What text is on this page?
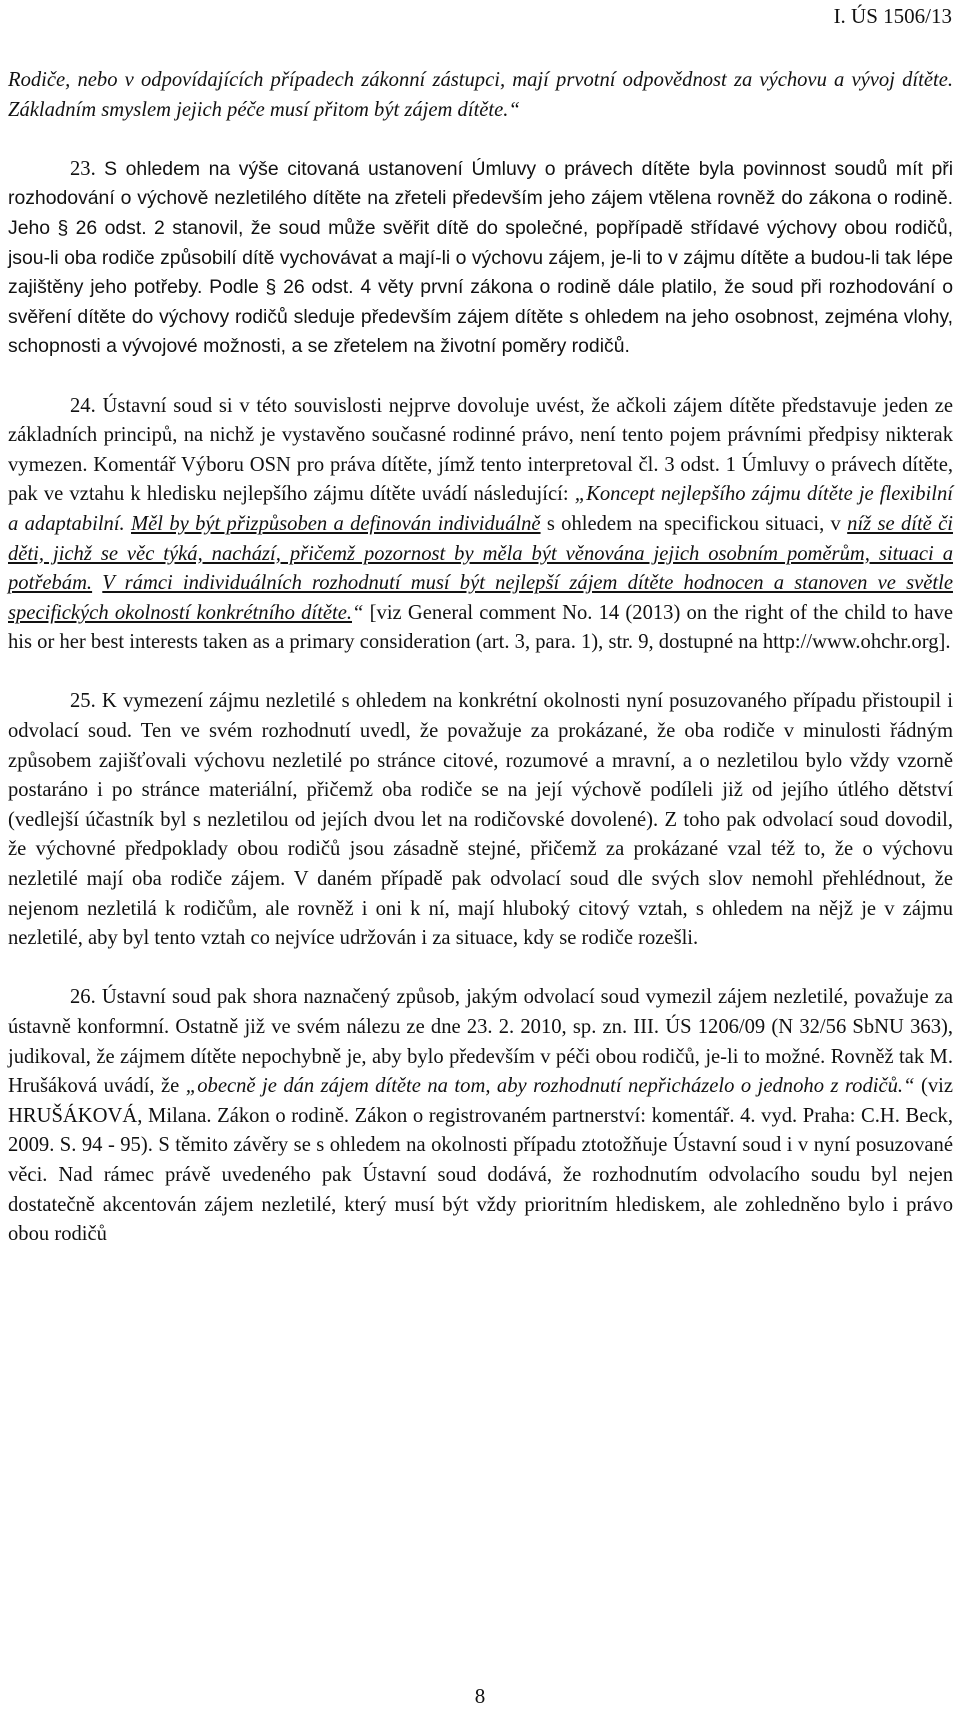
I. ÚS 1506/13

Rodiče, nebo v odpovídajících případech zákonní zástupci, mají prvotní odpovědnost za výchovu a vývoj dítěte. Základním smyslem jejich péče musí přitom být zájem dítěte.“

23. S ohledem na výše citovaná ustanovení Úmluvy o právech dítěte byla povinnost soudů mít při rozhodování o výchově nezletilého dítěte na zřeteli především jeho zájem vtělena rovněž do zákona o rodině. Jeho § 26 odst. 2 stanovil, že soud může svěřit dítě do společné, popřípadě střídavé výchovy obou rodičů, jsou-li oba rodiče způsobilí dítě vychovávat a mají-li o výchovu zájem, je-li to v zájmu dítěte a budou-li tak lépe zajištěny jeho potřeby. Podle § 26 odst. 4 věty první zákona o rodině dále platilo, že soud při rozhodování o svěření dítěte do výchovy rodičů sleduje především zájem dítěte s ohledem na jeho osobnost, zejména vlohy, schopnosti a vývojové možnosti, a se zřetelem na životní poměry rodičů.

24. Ústavní soud si v této souvislosti nejprve dovoluje uvést, že ačkoli zájem dítěte představuje jeden ze základních principů, na nichž je vystavěno současné rodinné právo, není tento pojem právními předpisy nikterak vymezen. Komentář Výboru OSN pro práva dítěte, jímž tento interpretoval čl. 3 odst. 1 Úmluvy o právech dítěte, pak ve vztahu k hledisku nejlepšího zájmu dítěte uvádí následující: „Koncept nejlepšího zájmu dítěte je flexibilní a adaptabilní. Měl by být přizpůsoben a definován individuálně s ohledem na specifickou situaci, v níž se dítě či děti, jichž se věc týká, nachází, přičemž pozornost by měla být věnována jejich osobním poměrům, situaci a potřebám. V rámci individuálních rozhodnutí musí být nejlepší zájem dítěte hodnocen a stanoven ve světle specifických okolností konkrétního dítěte.“ [viz General comment No. 14 (2013) on the right of the child to have his or her best interests taken as a primary consideration (art. 3, para. 1), str. 9, dostupné na http://www.ohchr.org].

25. K vymezení zájmu nezletilé s ohledem na konkrétní okolnosti nyní posuzovaného případu přistoupil i odvolací soud. Ten ve svém rozhodnutí uvedl, že považuje za prokázané, že oba rodiče v minulosti řádným způsobem zajišťovali výchovu nezletilé po stránce citové, rozumové a mravní, a o nezletilou bylo vždy vzorně postaráno i po stránce materiální, přičemž oba rodiče se na její výchově podíleli již od jejího útlého dětství (vedlejší účastník byl s nezletilou od jejích dvou let na rodičovské dovolené). Z toho pak odvolací soud dovodil, že výchovné předpoklady obou rodičů jsou zásadně stejné, přičemž za prokázané vzal též to, že o výchovu nezletilé mají oba rodiče zájem. V daném případě pak odvolací soud dle svých slov nemohl přehlédnout, že nejenom nezletilá k rodičům, ale rovněž i oni k ní, mají hluboký citový vztah, s ohledem na nějž je v zájmu nezletilé, aby byl tento vztah co nejvíce udržován i za situace, kdy se rodiče rozešli.

26. Ústavní soud pak shora naznačený způsob, jakým odvolací soud vymezil zájem nezletilé, považuje za ústavně konformní. Ostatně již ve svém nálezu ze dne 23. 2. 2010, sp. zn. III. ÚS 1206/09 (N 32/56 SbNU 363), judikoval, že zájmem dítěte nepochybně je, aby bylo především v péči obou rodičů, je-li to možné. Rovněž tak M. Hrušáková uvádí, že „obecně je dán zájem dítěte na tom, aby rozhodnutí nepřicházelo o jednoho z rodičů.“ (viz HRUŠÁKOVÁ, Milana. Zákon o rodině. Zákon o registrovaném partnerství: komentář. 4. vyd. Praha: C.H. Beck, 2009. S. 94 - 95). S těmito závěry se s ohledem na okolnosti případu ztotožňuje Ústavní soud i v nyní posuzované věci. Nad rámec právě uvedeného pak Ústavní soud dodává, že rozhodnutím odvolacího soudu byl nejen dostatečně akcentován zájem nezletilé, který musí být vždy prioritním hlediskem, ale zohledněno bylo i právo obou rodičů

8
